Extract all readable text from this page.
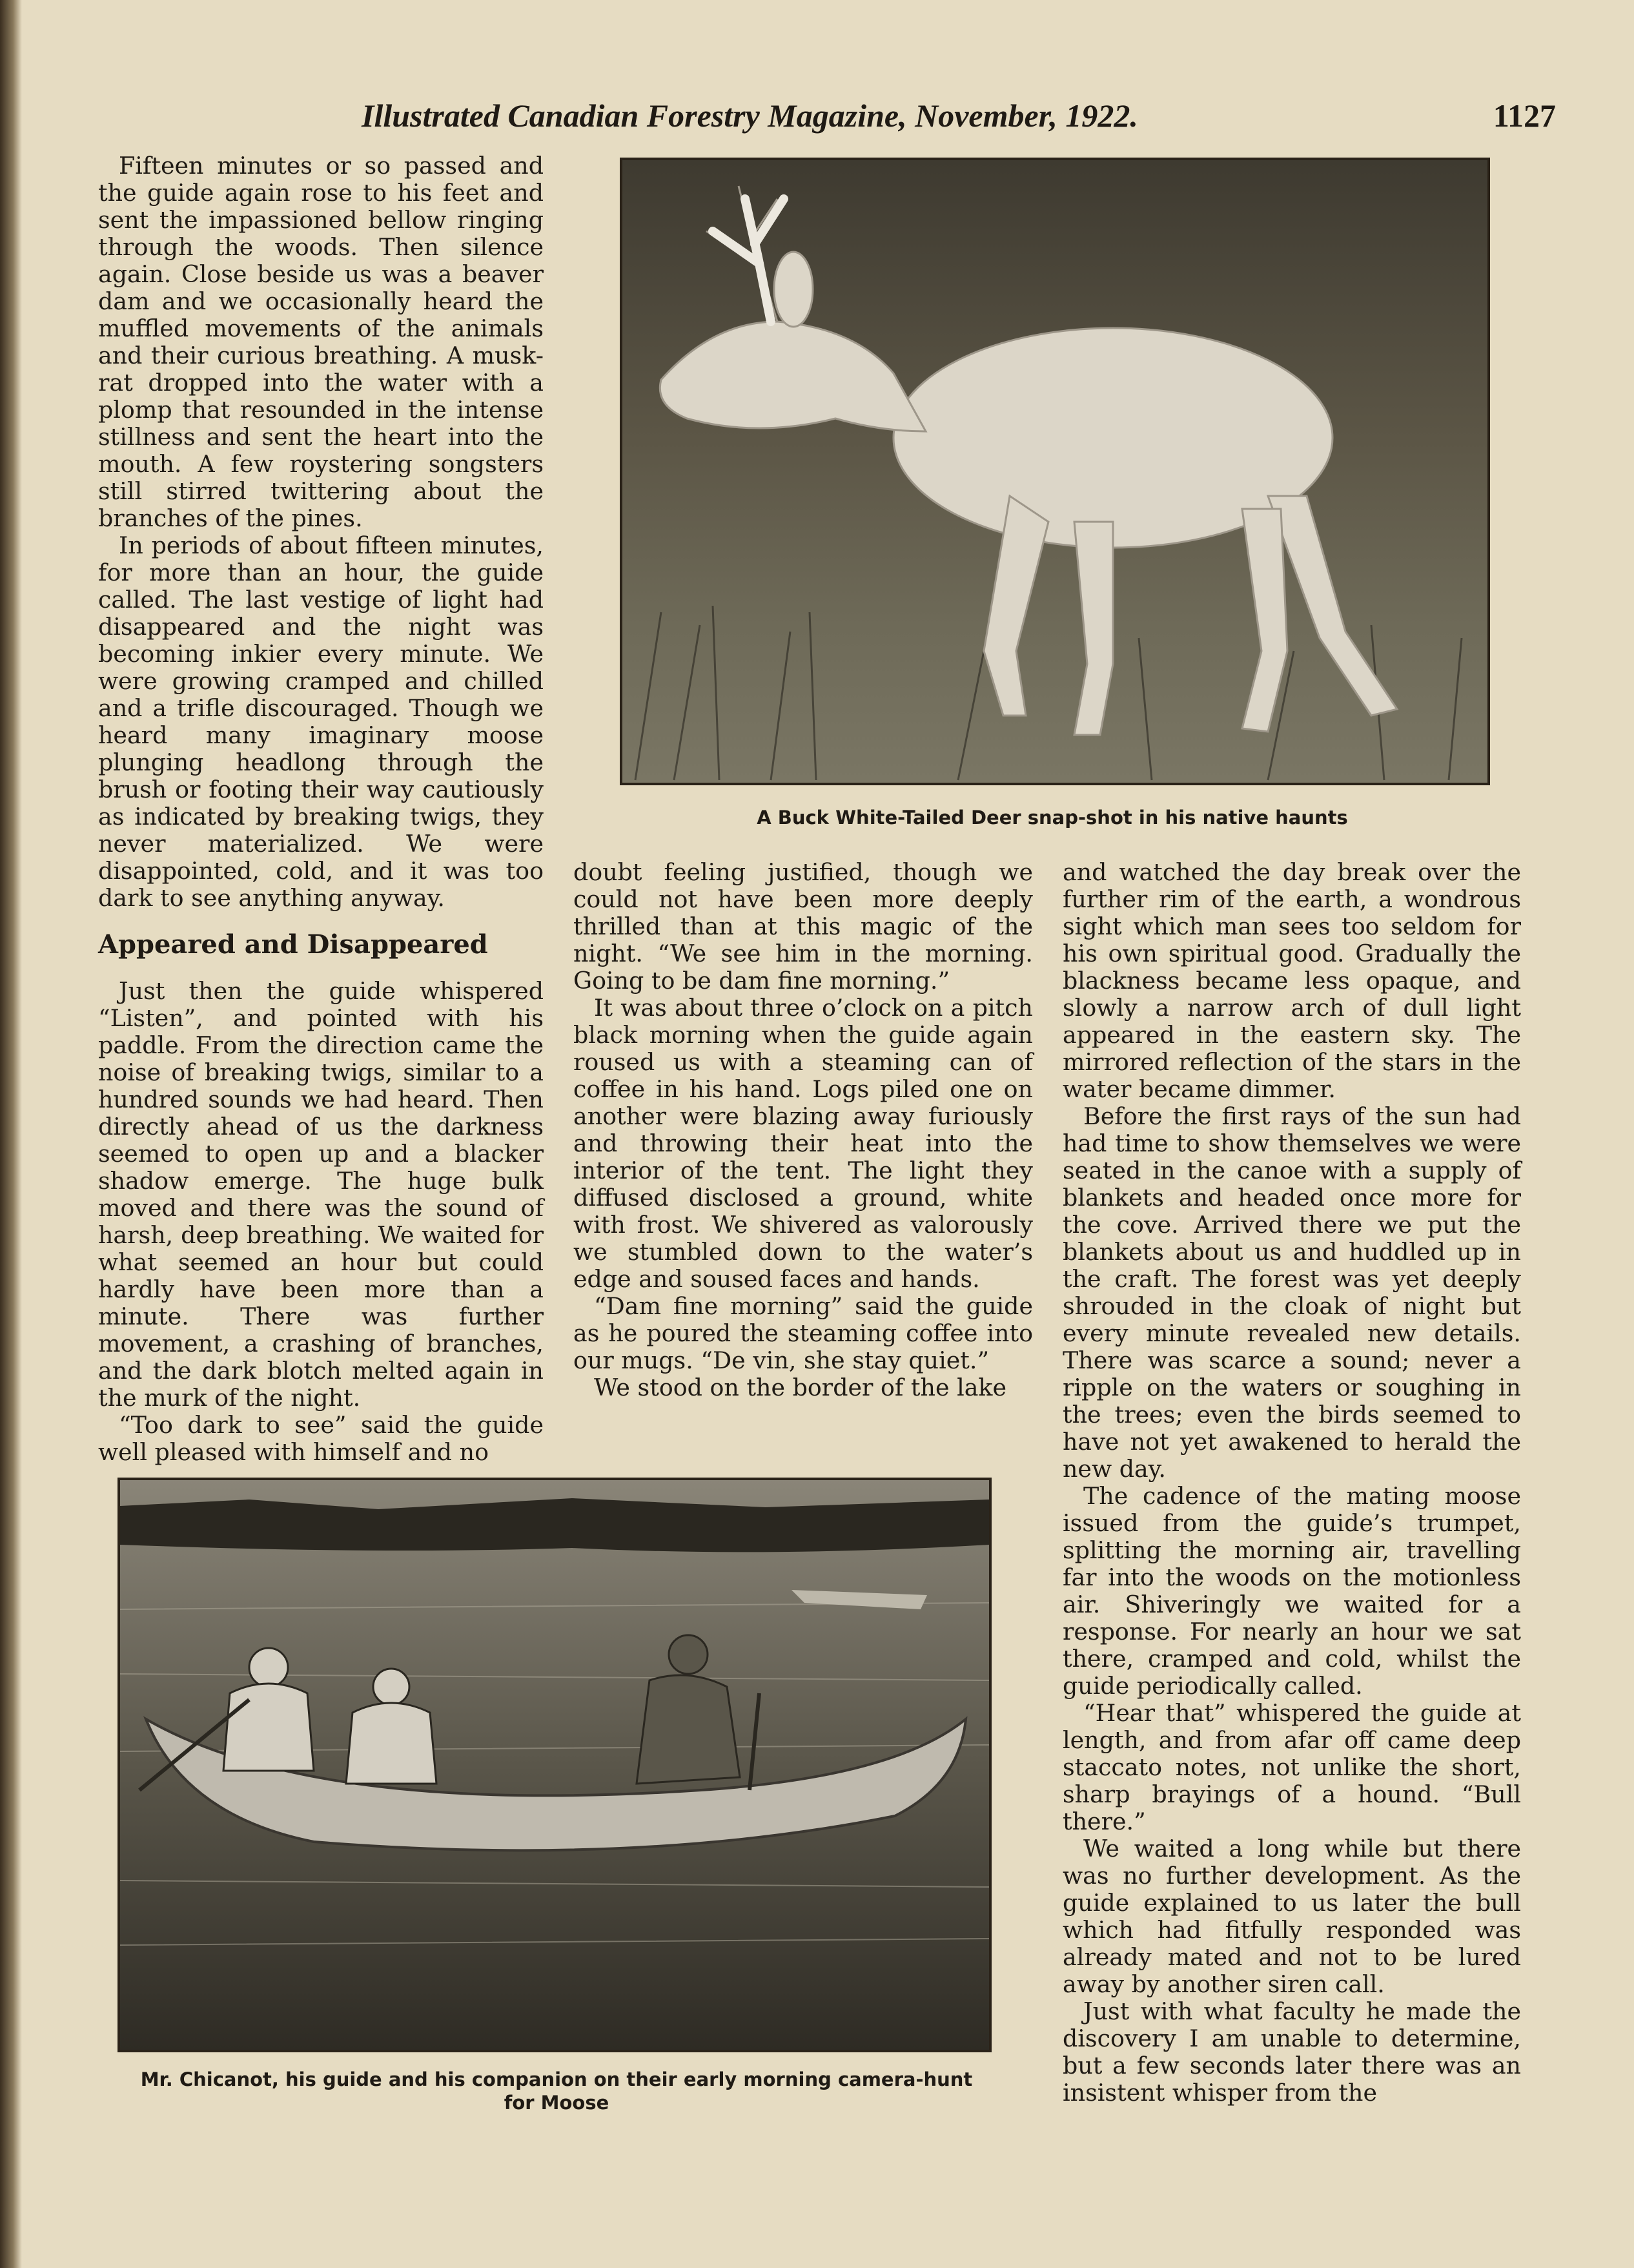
Illustrated Canadian Forestry Magazine, November, 1922.	1127

Fifteen minutes or so passed and the guide again rose to his feet and sent the impassioned bellow ringing through the woods. Then silence again. Close beside us was a beaver dam and we occasionally heard the muffled movements of the animals and their curious breathing. A musk-rat dropped into the water with a plomp that resounded in the intense stillness and sent the heart into the mouth. A few roystering songsters still stirred twittering about the branches of the pines.

In periods of about fifteen minutes, for more than an hour, the guide called. The last vestige of light had disappeared and the night was becoming inkier every minute. We were growing cramped and chilled and a trifle discouraged. Though we heard many imaginary moose plunging headlong through the brush or footing their way cautiously as indicated by breaking twigs, they never materialized. We were disappointed, cold, and it was too dark to see anything anyway.

Appeared and Disappeared

Just then the guide whispered “Listen”, and pointed with his paddle. From the direction came the noise of breaking twigs, similar to a hundred sounds we had heard. Then directly ahead of us the darkness seemed to open up and a blacker shadow emerge. The huge bulk moved and there was the sound of harsh, deep breathing. We waited for what seemed an hour but could hardly have been more than a minute. There was further movement, a crashing of branches, and the dark blotch melted again in the murk of the night.

“Too dark to see” said the guide well pleased with himself and no

A Buck White-Tailed Deer snap-shot in his native haunts

doubt feeling justified, though we could not have been more deeply thrilled than at this magic of the night. “We see him in the morning. Going to be dam fine morning.”

It was about three o’clock on a pitch black morning when the guide again roused us with a steaming can of coffee in his hand. Logs piled one on another were blazing away furiously and throwing their heat into the interior of the tent. The light they diffused disclosed a ground, white with frost. We shivered as valorously we stumbled down to the water’s edge and soused faces and hands.

“Dam fine morning” said the guide as he poured the steaming coffee into our mugs. “De vin, she stay quiet.”

We stood on the border of the lake

and watched the day break over the further rim of the earth, a wondrous sight which man sees too seldom for his own spiritual good. Gradually the blackness became less opaque, and slowly a narrow arch of dull light appeared in the eastern sky. The mirrored reflection of the stars in the water became dimmer.

Before the first rays of the sun had had time to show themselves we were seated in the canoe with a supply of blankets and headed once more for the cove. Arrived there we put the blankets about us and huddled up in the craft. The forest was yet deeply shrouded in the cloak of night but every minute revealed new details. There was scarce a sound; never a ripple on the waters or soughing in the trees; even the birds seemed to have not yet awakened to herald the new day.

The cadence of the mating moose issued from the guide’s trumpet, splitting the morning air, travelling far into the woods on the motionless air. Shiveringly we waited for a response. For nearly an hour we sat there, cramped and cold, whilst the guide periodically called.

“Hear that” whispered the guide at length, and from afar off came deep staccato notes, not unlike the short, sharp brayings of a hound. “Bull there.”

We waited a long while but there was no further development. As the guide explained to us later the bull which had fitfully responded was already mated and not to be lured away by another siren call.

Just with what faculty he made the discovery I am unable to determine, but a few seconds later there was an insistent whisper from the

Mr. Chicanot, his guide and his companion on their early morning camera-hunt for Moose
